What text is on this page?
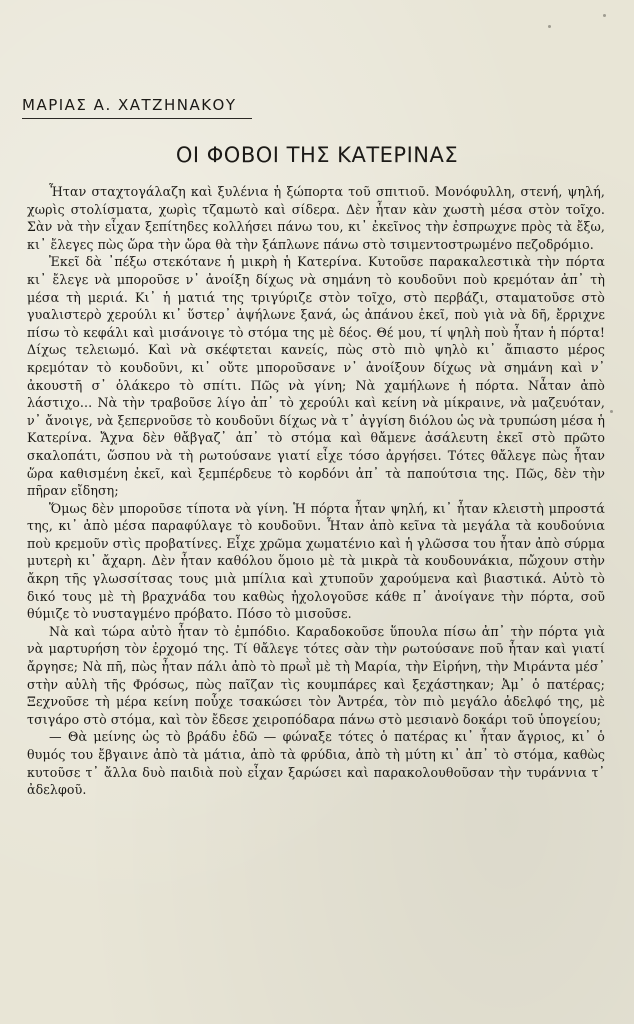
ΜΑΡΙΑΣ Α. ΧΑΤΖΗΝΑΚΟΥ
ΟΙ ΦΟΒΟΙ ΤΗΣ ΚΑΤΕΡΙΝΑΣ

Ἦταν σταχτογάλαζη καὶ ξυλένια ἡ ξώπορτα τοῦ σπιτιοῦ. Μονόφυλλη, στενή, ψηλή, χωρὶς στολίσματα, χωρὶς τζαμωτὸ καὶ σίδερα. Δὲν ἦταν κὰν χωστὴ μέσα στὸν τοῖχο. Σὰν νὰ τὴν εἶχαν ξεπίτηδες κολλήσει πάνω του, κι᾽ ἐκεῖνος τὴν ἐσπρωχνε πρὸς τὰ ἔξω, κι᾽ ἔλεγες πὼς ὥρα τὴν ὥρα θὰ τὴν ξάπλωνε πάνω στὸ τσιμεντοστρωμένο πεζοδρόμιο.

Ἐκεῖ δὰ ᾽πέξω στεκότανε ἡ μικρὴ ἡ Κατερίνα. Κυτοῦσε παρακαλεστικὰ τὴν πόρτα κι᾽ ἔλεγε νὰ μποροῦσε ν᾽ ἀνοίξη δίχως νὰ σημάνη τὸ κουδοῦνι ποὺ κρεμόταν ἀπ᾽ τὴ μέσα τὴ μεριά. Κι᾽ ἡ ματιά της τριγύριζε στὸν τοῖχο, στὸ περβάζι, σταματοῦσε στὸ γυαλιστερὸ χερούλι κι᾽ ὕστερ᾽ ἀψήλωνε ξανά, ὡς ἀπάνου ἐκεῖ, ποὺ γιὰ νὰ δῆ, ἔρριχνε πίσω τὸ κεφάλι καὶ μισάνοιγε τὸ στόμα της μὲ δέος. Θέ μου, τί ψηλὴ ποὺ ἦταν ἡ πόρτα! Δίχως τελειωμό. Καὶ νὰ σκέφτεται κανείς, πὼς στὸ πιὸ ψηλὸ κι᾽ ἄπιαστο μέρος κρεμόταν τὸ κουδοῦνι, κι᾽ οὔτε μποροῦσανε ν᾽ ἀνοίξουν δίχως νὰ σημάνη καὶ ν᾽ ἀκουστῆ σ᾽ ὁλάκερο τὸ σπίτι. Πῶς νὰ γίνη; Νὰ χαμήλωνε ἡ πόρτα. Νἆταν ἀπὸ λάστιχο... Νὰ τὴν τραβοῦσε λίγο ἀπ᾽ τὸ χερούλι καὶ κείνη νὰ μίκραινε, νὰ μαζευόταν, ν᾽ ἄνοιγε, νὰ ξεπερνοῦσε τὸ κουδοῦνι δίχως νὰ τ᾽ ἀγγίση διόλου ὡς νὰ τρυπώση μέσα ἡ Κατερίνα. Ἄχνα δὲν θἄβγαζ᾽ ἀπ᾽ τὸ στόμα καὶ θἄμενε ἀσάλευτη ἐκεῖ στὸ πρῶτο σκαλοπάτι, ὥσπου νὰ τὴ ρωτούσανε γιατί εἶχε τόσο ἀργήσει. Τότες θἄλεγε πὼς ἦταν ὥρα καθισμένη ἐκεῖ, καὶ ξεμπέρδευε τὸ κορδόνι ἀπ᾽ τὰ παπούτσια της. Πῶς, δὲν τὴν πῆραν εἴδηση;

Ὅμως δὲν μποροῦσε τίποτα νὰ γίνη. Ἡ πόρτα ἦταν ψηλή, κι᾽ ἦταν κλειστὴ μπροστά της, κι᾽ ἀπὸ μέσα παραφύλαγε τὸ κουδοῦνι. Ἦταν ἀπὸ κεῖνα τὰ μεγάλα τὰ κουδούνια ποὺ κρεμοῦν στὶς προβατίνες. Εἶχε χρῶμα χωματένιο καὶ ἡ γλῶσσα του ἦταν ἀπὸ σύρμα μυτερὴ κι᾽ ἄχαρη. Δὲν ἦταν καθόλου ὅμοιο μὲ τὰ μικρὰ τὰ κουδουνάκια, πὤχουν στὴν ἄκρη τῆς γλωσσίτσας τους μιὰ μπίλια καὶ χτυποῦν χαρούμενα καὶ βιαστικά. Αὐτὸ τὸ δικό τους μὲ τὴ βραχνάδα του καθὼς ἠχολογοῦσε κάθε π᾽ ἀνοίγανε τὴν πόρτα, σοῦ θύμιζε τὸ νυσταγμένο πρόβατο. Πόσο τὸ μισοῦσε.

Νὰ καὶ τώρα αὐτὸ ἦταν τὸ ἐμπόδιο. Καραδοκοῦσε ὕπουλα πίσω ἀπ᾽ τὴν πόρτα γιὰ νὰ μαρτυρήση τὸν ἐρχομό της. Τί θἄλεγε τότες σὰν τὴν ρωτούσανε ποῦ ἦταν καὶ γιατί ἄργησε; Νὰ πῆ, πὼς ἦταν πάλι ἀπὸ τὸ πρωῒ μὲ τὴ Μαρία, τὴν Εἰρήνη, τὴν Μιράντα μέσ᾽ στὴν αὐλὴ τῆς Φρόσως, πὼς παῖζαν τὶς κουμπάρες καὶ ξεχάστηκαν; Ἀμ᾽ ὁ πατέρας; Ξεχνοῦσε τὴ μέρα κείνη ποὖχε τσακώσει τὸν Ἀντρέα, τὸν πιὸ μεγάλο ἀδελφό της, μὲ τσιγάρο στὸ στόμα, καὶ τὸν ἔδεσε χειροπόδαρα πάνω στὸ μεσιανὸ δοκάρι τοῦ ὑπογείου;

— Θὰ μείνης ὡς τὸ βράδυ ἐδῶ — φώναξε τότες ὁ πατέρας κι᾽ ἦταν ἄγριος, κι᾽ ὁ θυμός του ἔβγαινε ἀπὸ τὰ μάτια, ἀπὸ τὰ φρύδια, ἀπὸ τὴ μύτη κι᾽ ἀπ᾽ τὸ στόμα, καθὼς κυτοῦσε τ᾽ ἄλλα δυὸ παιδιὰ ποὺ εἶχαν ξαρώσει καὶ παρακολουθοῦσαν τὴν τυράννια τ᾽ ἀδελφοῦ.
